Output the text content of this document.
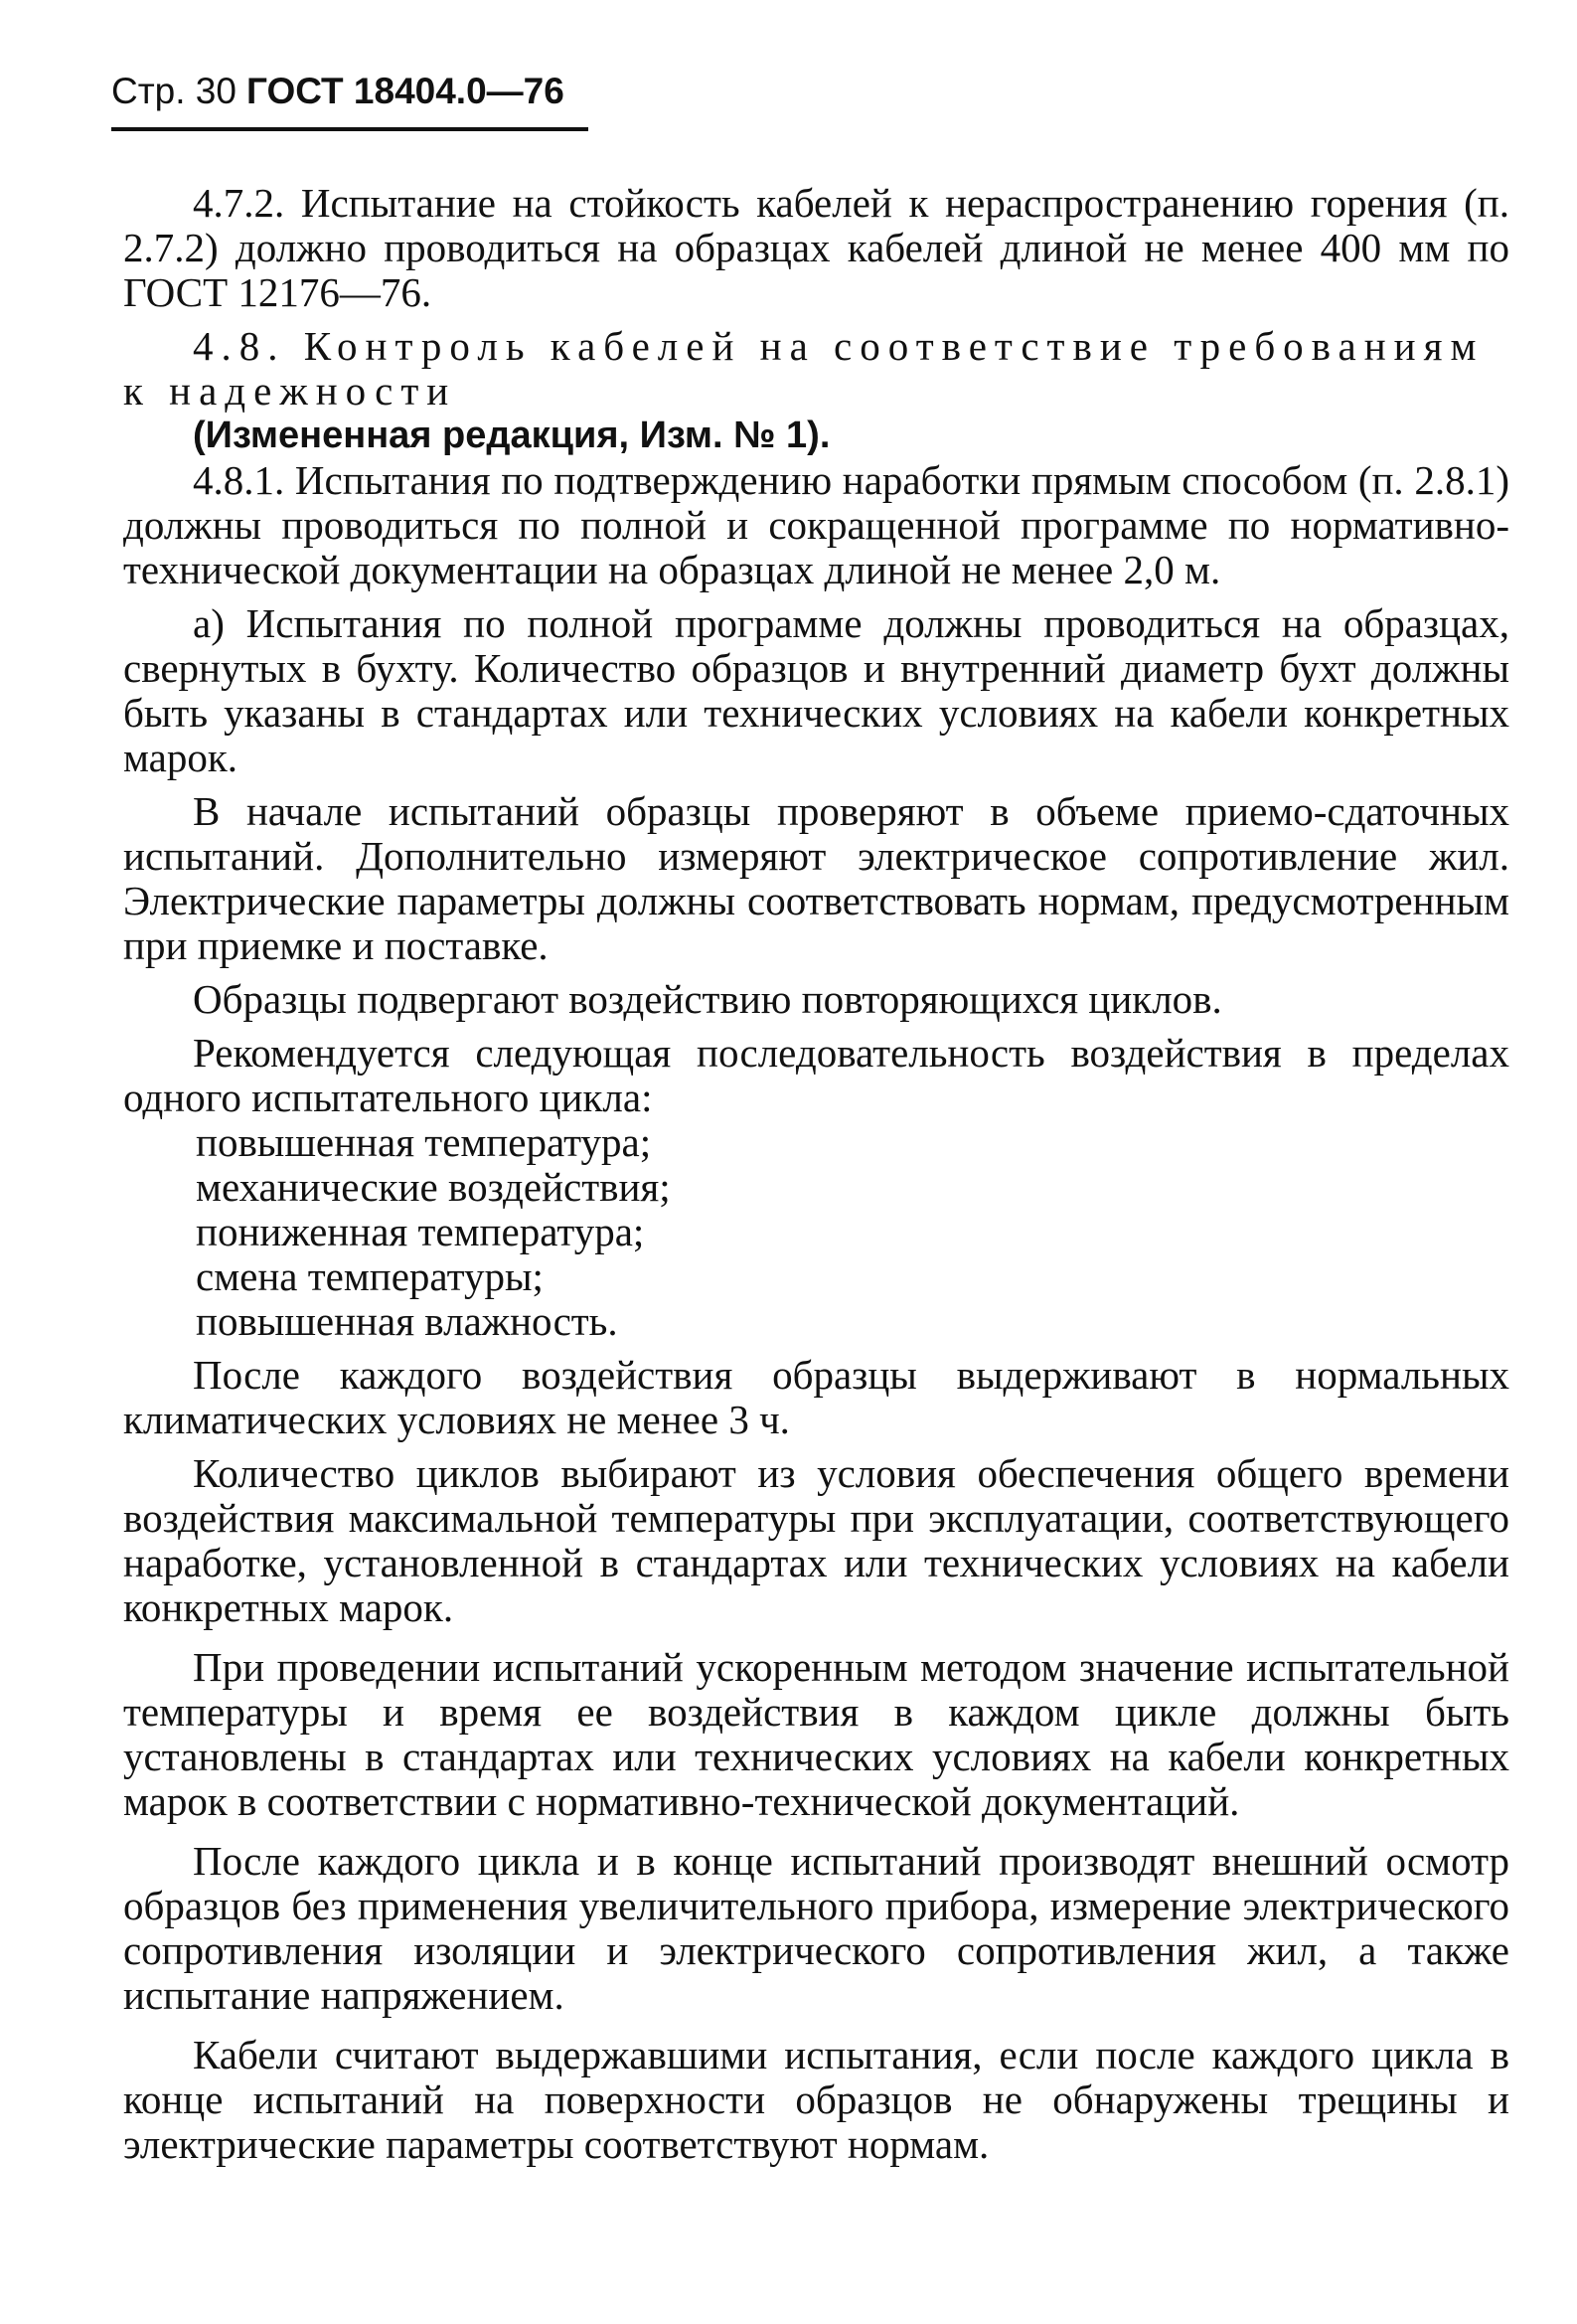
Стр. 30 ГОСТ 18404.0—76

4.7.2. Испытание на стойкость кабелей к нераспространению горения (п. 2.7.2) должно проводиться на образцах кабелей длиной не менее 400 мм по ГОСТ 12176—76.

4.8. Контроль кабелей на соответствие требованиям к надежности

(Измененная редакция, Изм. № 1).

4.8.1. Испытания по подтверждению наработки прямым способом (п. 2.8.1) должны проводиться по полной и сокращенной программе по нормативно-технической документации на образцах длиной не менее 2,0 м.

а) Испытания по полной программе должны проводиться на образцах, свернутых в бухту. Количество образцов и внутренний диаметр бухт должны быть указаны в стандартах или технических условиях на кабели конкретных марок.

В начале испытаний образцы проверяют в объеме приемо-сдаточных испытаний. Дополнительно измеряют электрическое сопротивление жил. Электрические параметры должны соответствовать нормам, предусмотренным при приемке и поставке.

Образцы подвергают воздействию повторяющихся циклов.

Рекомендуется следующая последовательность воздействия в пределах одного испытательного цикла:

повышенная температура;
механические воздействия;
пониженная температура;
смена температуры;
повышенная влажность.

После каждого воздействия образцы выдерживают в нормальных климатических условиях не менее 3 ч.

Количество циклов выбирают из условия обеспечения общего времени воздействия максимальной температуры при эксплуатации, соответствующего наработке, установленной в стандартах или технических условиях на кабели конкретных марок.

При проведении испытаний ускоренным методом значение испытательной температуры и время ее воздействия в каждом цикле должны быть установлены в стандартах или технических условиях на кабели конкретных марок в соответствии с нормативно-технической документаций.

После каждого цикла и в конце испытаний производят внешний осмотр образцов без применения увеличительного прибора, измерение электрического сопротивления изоляции и электрического сопротивления жил, а также испытание напряжением.

Кабели считают выдержавшими испытания, если после каждого цикла в конце испытаний на поверхности образцов не обнаружены трещины и электрические параметры соответствуют нормам.
